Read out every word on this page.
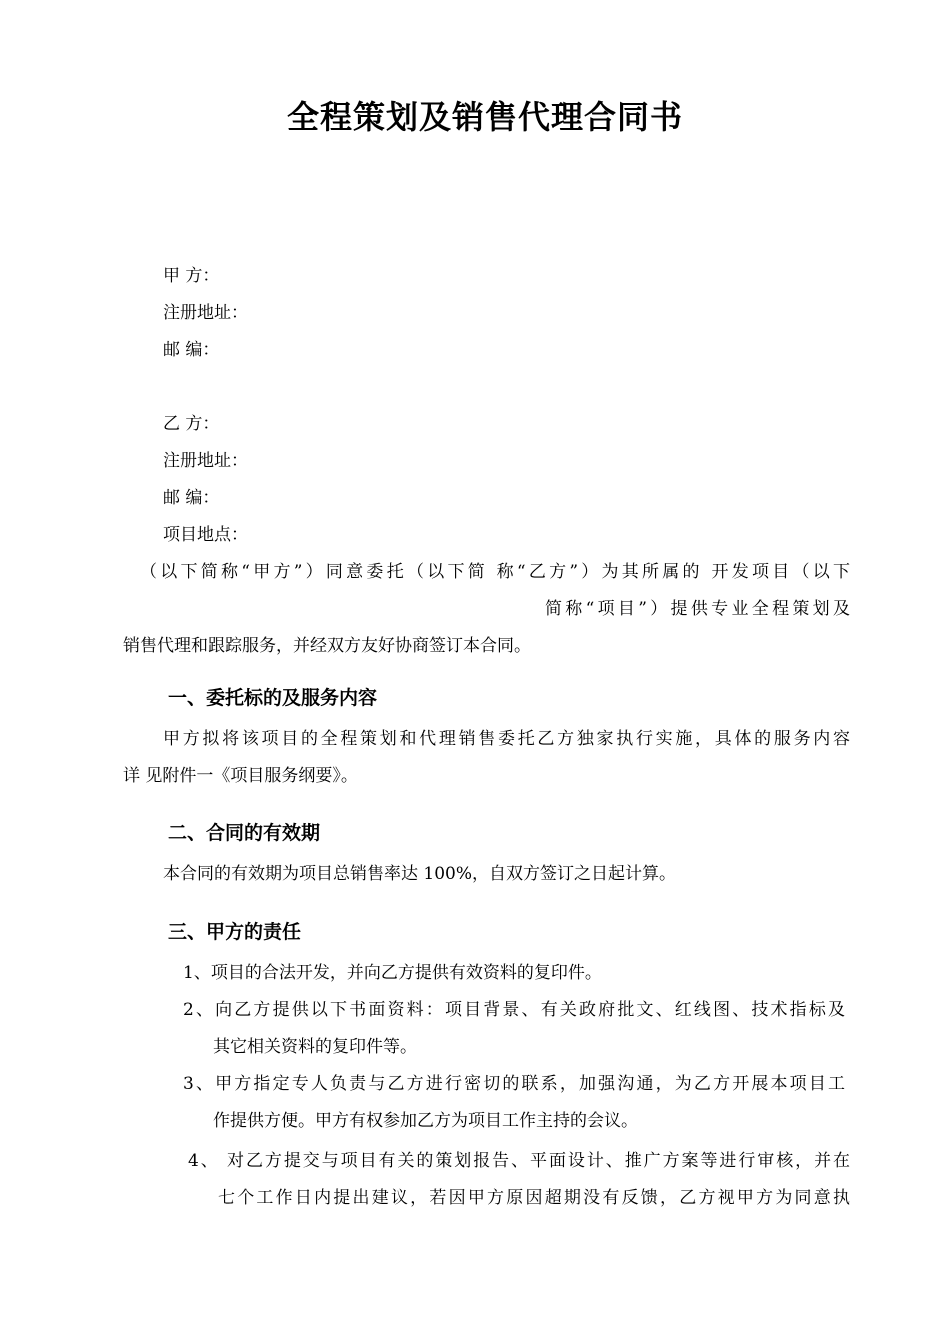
全程策划及销售代理合同书

甲 方：

注册地址：

邮 编：

乙 方：

注册地址：

邮 编：

项目地点：

（以下简称“甲方”）同意委托（以下简 称“乙方”）为其所属的 开发项目（以下

简称“项目”）提供专业全程策划及

销售代理和跟踪服务，并经双方友好协商签订本合同。

一、委托标的及服务内容

甲方拟将该项目的全程策划和代理销售委托乙方独家执行实施，具体的服务内容

详 见附件一《项目服务纲要》。

二、合同的有效期

本合同的有效期为项目总销售率达 100%，自双方签订之日起计算。

三、甲方的责任

1、项目的合法开发，并向乙方提供有效资料的复印件。

2、向乙方提供以下书面资料：项目背景、有关政府批文、红线图、技术指标及

其它相关资料的复印件等。

3、甲方指定专人负责与乙方进行密切的联系，加强沟通，为乙方开展本项目工

作提供方便。甲方有权参加乙方为项目工作主持的会议。

4、 对乙方提交与项目有关的策划报告、平面设计、推广方案等进行审核，并在

七个工作日内提出建议，若因甲方原因超期没有反馈，乙方视甲方为同意执
